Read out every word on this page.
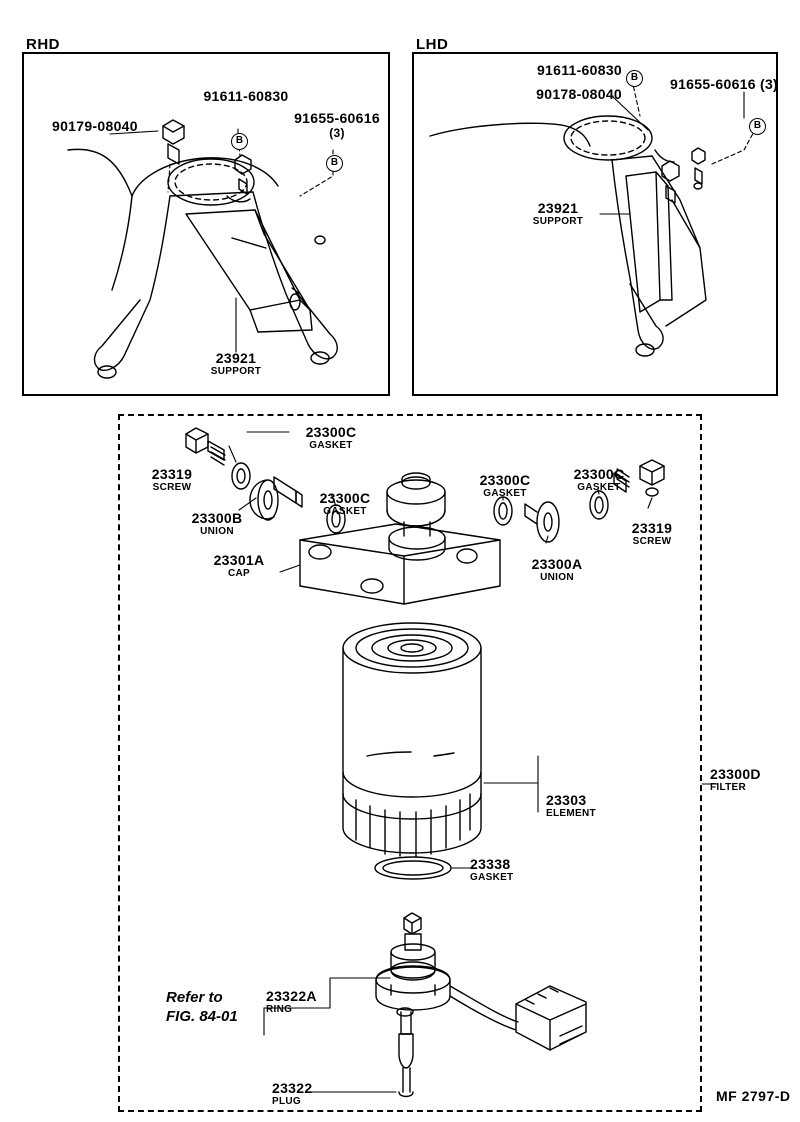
RHD	LHD
90179-08040
91611-60830
91655-60616
(3)
23921
SUPPORT
B
B
91611-60830
90178-08040
91655-60616 (3)
23921
SUPPORT
B
B
23300C
GASKET
23319
SCREW
23300B
UNION
23300C
GASKET
23300C
GASKET
23300C
GASKET
23319
SCREW
23300A
UNION
23301A
CAP
23300D
FILTER
23303
ELEMENT
23338
GASKET
23322A
RING
23322
PLUG
Refer to
FIG. 84-01
MF 2797-D
